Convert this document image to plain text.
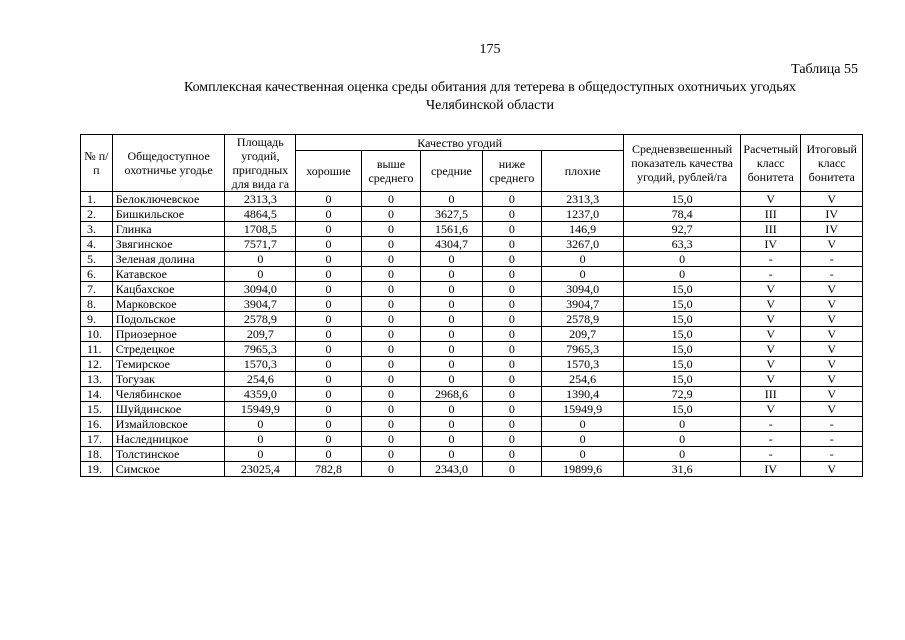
175
Таблица 55
Комплексная качественная оценка среды обитания для тетерева в общедоступных охотничьих угодьях
Челябинской области
№ п/п	Общедоступное охотничье угодье	Площадь угодий, пригодных для вида га	Качество угодий					Средневзвешенный показатель качества угодий, рублей/га	Расчетный класс бонитета	Итоговый класс бонитета
			хорошие	выше среднего	средние	ниже среднего	плохие			
1.	Белоключевское	2313,3	0	0	0	0	2313,3	15,0	V	V
2.	Бишкильское	4864,5	0	0	3627,5	0	1237,0	78,4	III	IV
3.	Глинка	1708,5	0	0	1561,6	0	146,9	92,7	III	IV
4.	Звягинское	7571,7	0	0	4304,7	0	3267,0	63,3	IV	V
5.	Зеленая долина	0	0	0	0	0	0	0	-	-
6.	Катавское	0	0	0	0	0	0	0	-	-
7.	Кацбахское	3094,0	0	0	0	0	3094,0	15,0	V	V
8.	Марковское	3904,7	0	0	0	0	3904,7	15,0	V	V
9.	Подольское	2578,9	0	0	0	0	2578,9	15,0	V	V
10.	Приозерное	209,7	0	0	0	0	209,7	15,0	V	V
11.	Стредецкое	7965,3	0	0	0	0	7965,3	15,0	V	V
12.	Темирское	1570,3	0	0	0	0	1570,3	15,0	V	V
13.	Тогузак	254,6	0	0	0	0	254,6	15,0	V	V
14.	Челябинское	4359,0	0	0	2968,6	0	1390,4	72,9	III	V
15.	Шуйдинское	15949,9	0	0	0	0	15949,9	15,0	V	V
16.	Измайловское	0	0	0	0	0	0	0	-	-
17.	Наследницкое	0	0	0	0	0	0	0	-	-
18.	Толстинское	0	0	0	0	0	0	0	-	-
19.	Симское	23025,4	782,8	0	2343,0	0	19899,6	31,6	IV	V
